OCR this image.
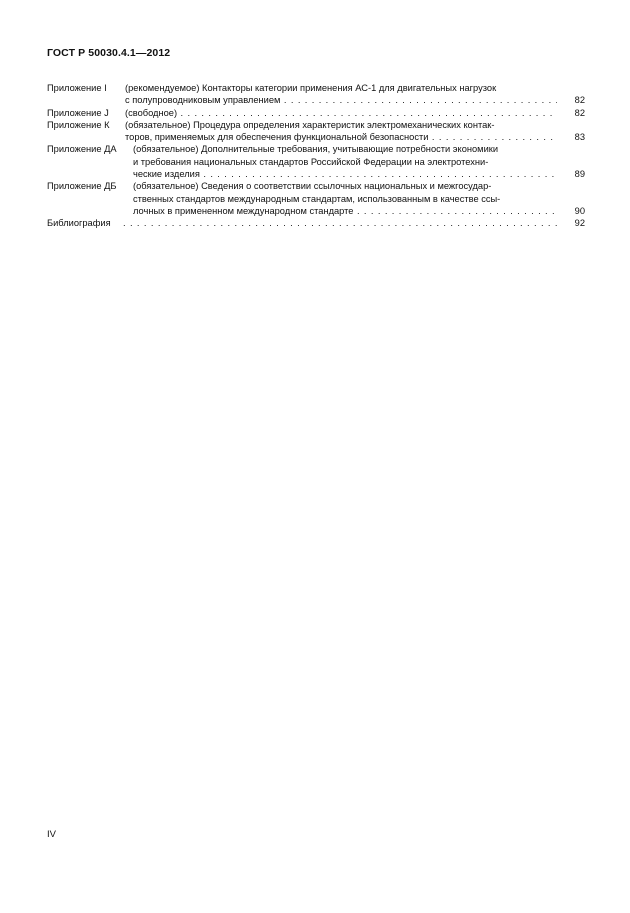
ГОСТ Р 50030.4.1—2012
Приложение I (рекомендуемое) Контакторы категории применения АС-1 для двигательных нагрузок
с полупроводниковым управлением . . .	82
Приложение J (свободное) . . .	82
Приложение К (обязательное) Процедура определения характеристик электромеханических контак-
торов, применяемых для обеспечения функциональной безопасности . . .	83
Приложение ДА (обязательное) Дополнительные требования, учитывающие потребности экономики
и требования национальных стандартов Российской Федерации на электротехни-
ческие изделия . . .	89
Приложение ДБ (обязательное) Сведения о соответствии ссылочных национальных и межгосудар-
ственных стандартов международным стандартам, использованным в качестве ссы-
лочных в примененном международном стандарте . . .	90
Библиография . . .	92
IV
